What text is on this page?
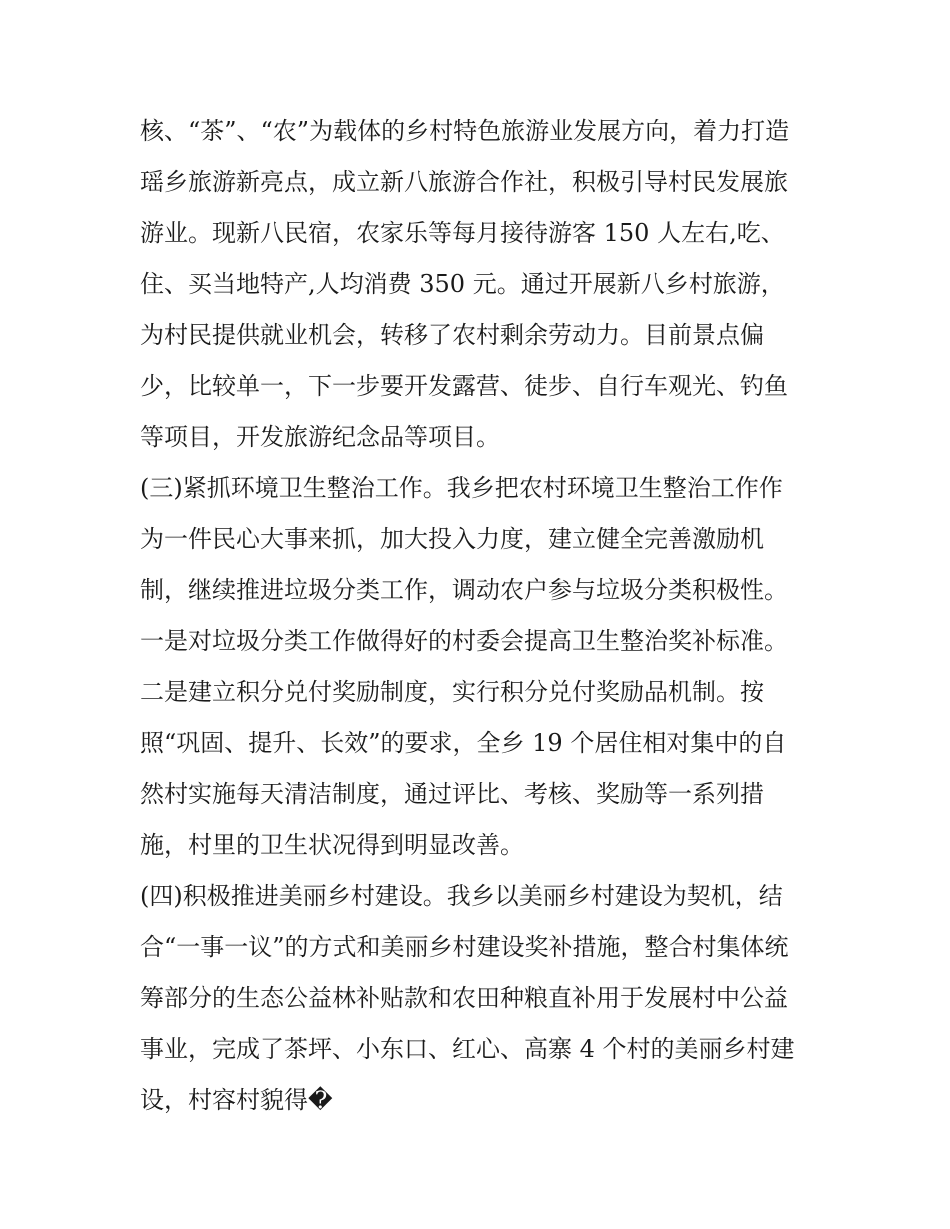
核、“茶”、“农”为载体的乡村特色旅游业发展方向，着力打造
瑶乡旅游新亮点，成立新八旅游合作社，积极引导村民发展旅
游业。现新八民宿，农家乐等每月接待游客 150 人左右,吃、
住、买当地特产,人均消费 350 元。通过开展新八乡村旅游，
为村民提供就业机会，转移了农村剩余劳动力。目前景点偏
少，比较单一，下一步要开发露营、徒步、自行车观光、钓鱼
等项目，开发旅游纪念品等项目。
(三)紧抓环境卫生整治工作。我乡把农村环境卫生整治工作作
为一件民心大事来抓，加大投入力度，建立健全完善激励机
制，继续推进垃圾分类工作，调动农户参与垃圾分类积极性。
一是对垃圾分类工作做得好的村委会提高卫生整治奖补标准。
二是建立积分兑付奖励制度，实行积分兑付奖励品机制。按
照“巩固、提升、长效”的要求，全乡 19 个居住相对集中的自
然村实施每天清洁制度，通过评比、考核、奖励等一系列措
施，村里的卫生状况得到明显改善。
(四)积极推进美丽乡村建设。我乡以美丽乡村建设为契机，结
合“一事一议”的方式和美丽乡村建设奖补措施，整合村集体统
筹部分的生态公益林补贴款和农田种粮直补用于发展村中公益
事业，完成了茶坪、小东口、红心、高寨 4 个村的美丽乡村建
设，村容村貌得�
